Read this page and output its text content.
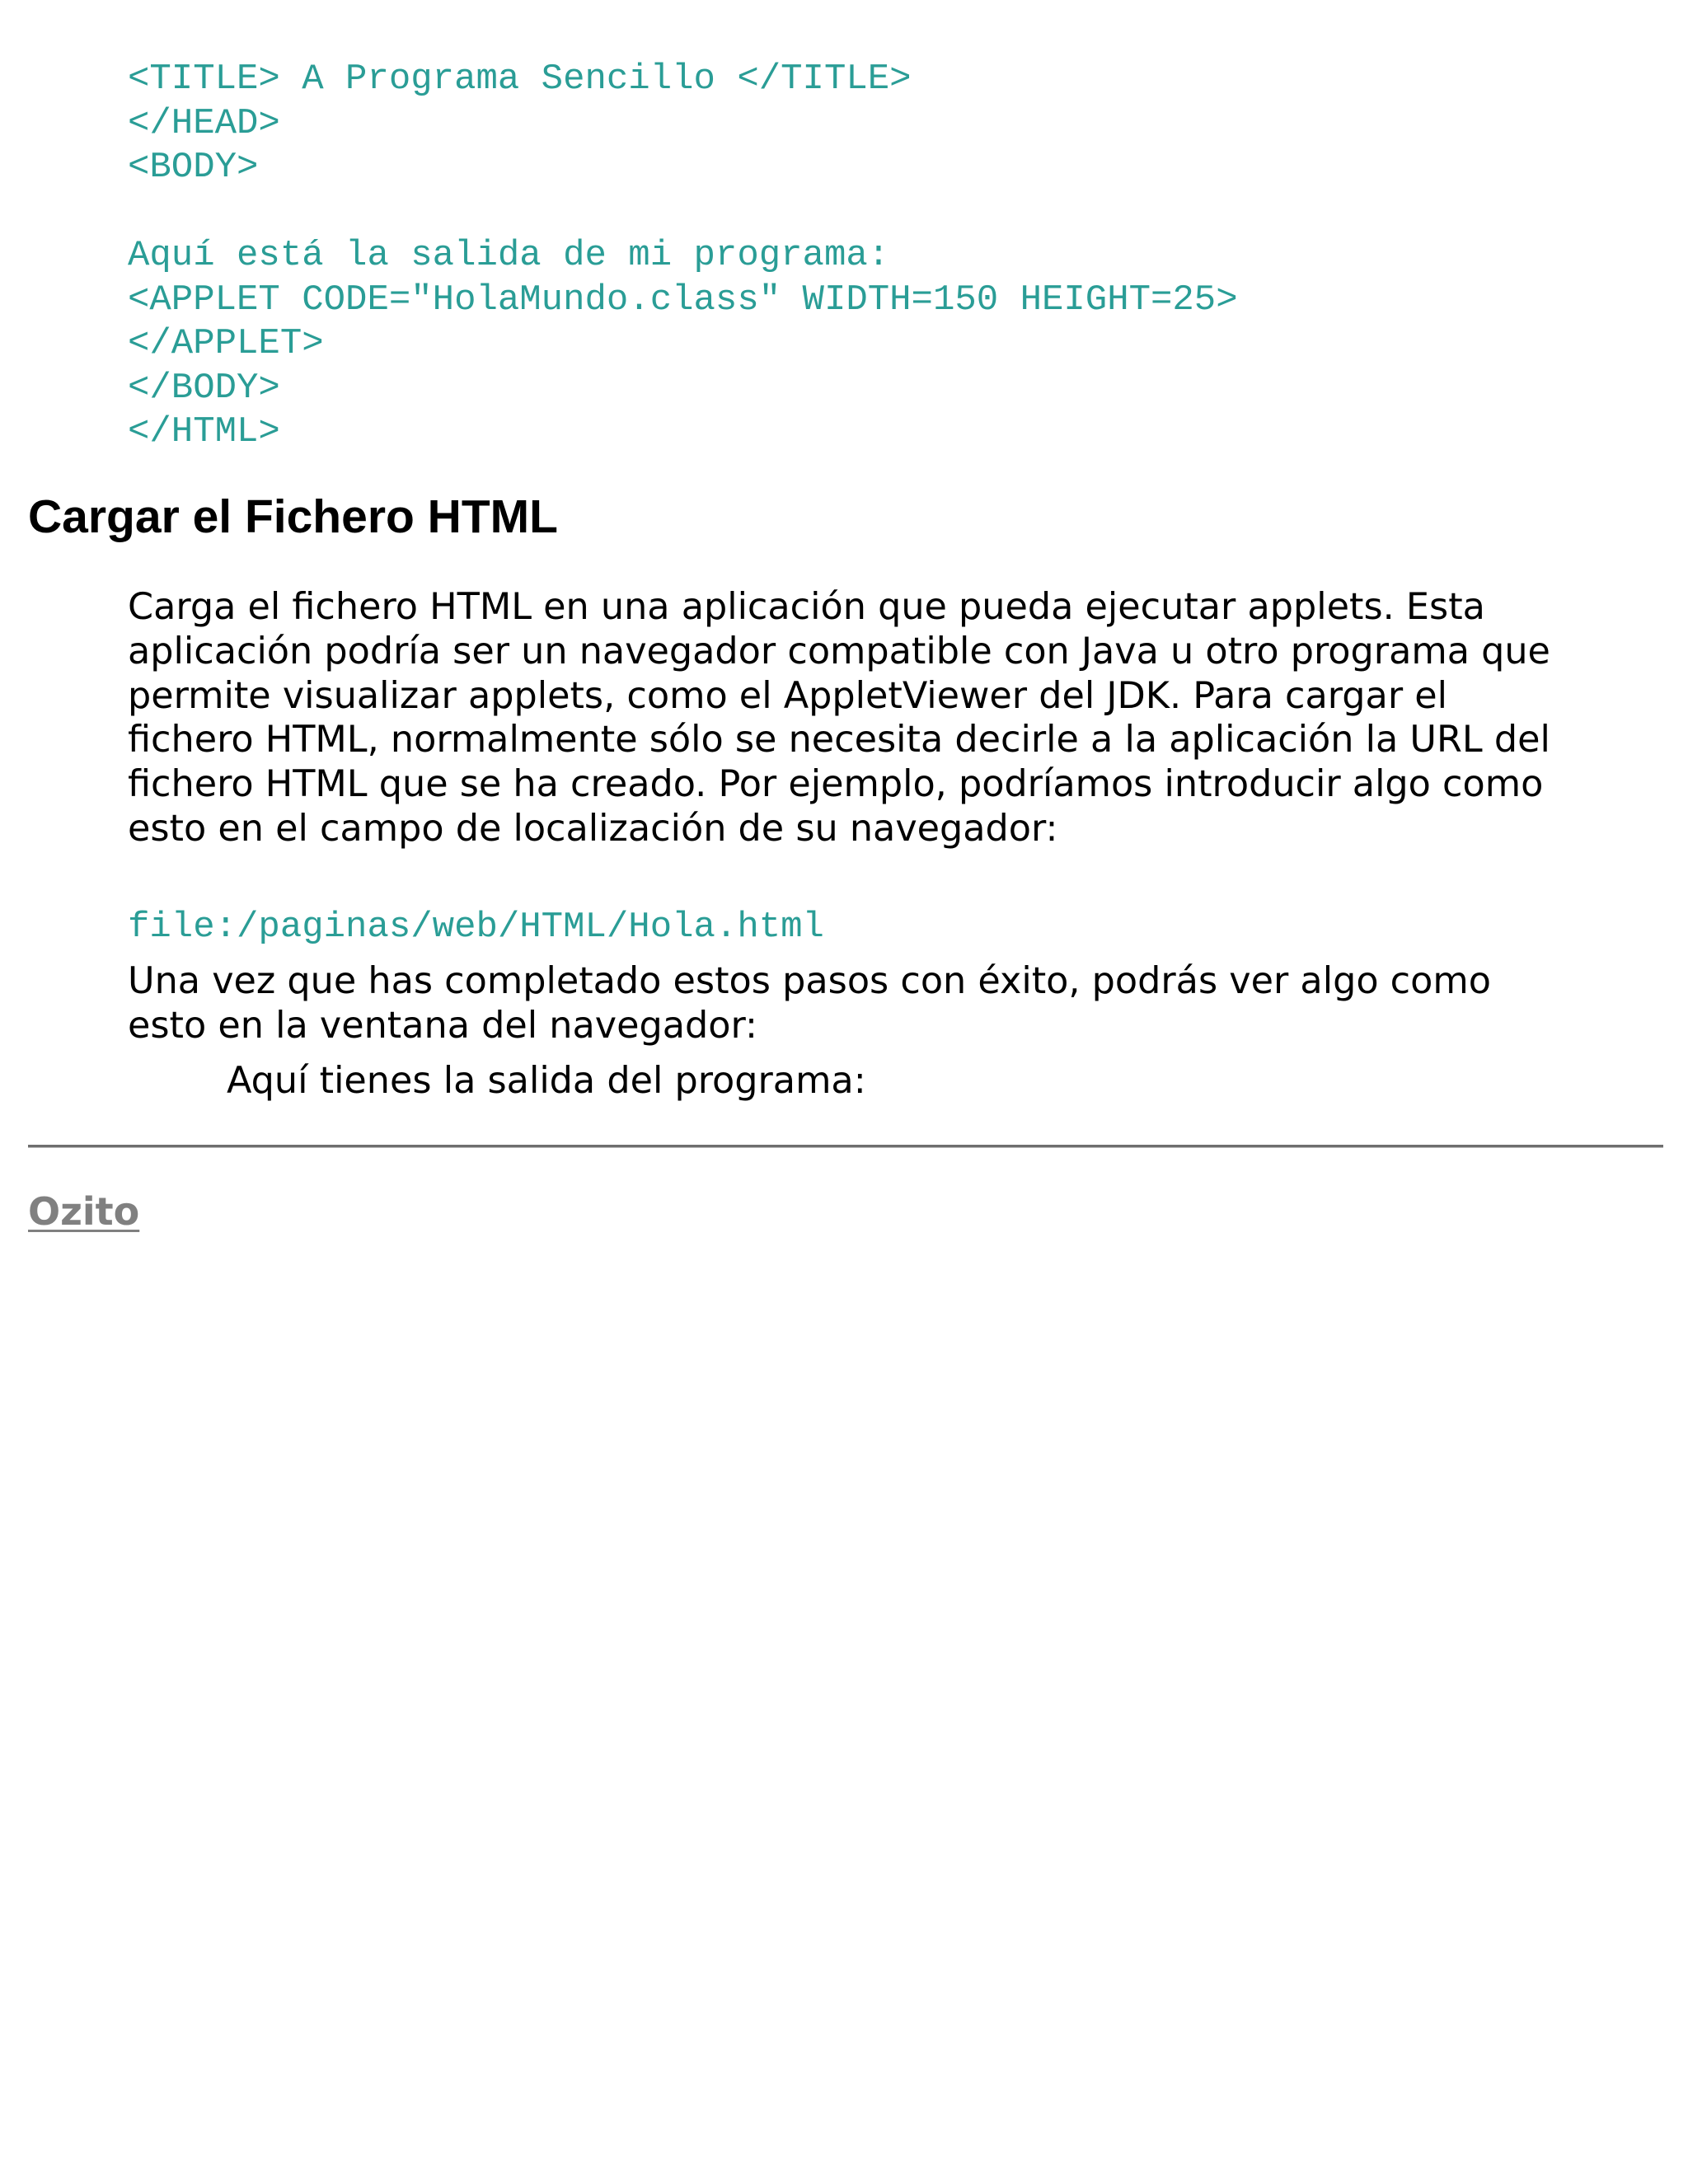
<TITLE> A Programa Sencillo </TITLE>
</HEAD>
<BODY>
Aquí está la salida de mi programa:
<APPLET CODE="HolaMundo.class" WIDTH=150 HEIGHT=25>
</APPLET>
</BODY>
</HTML>
Cargar el Fichero HTML

Carga el fichero HTML en una aplicación que pueda ejecutar applets. Esta aplicación podría ser un navegador compatible con Java u otro programa que permite visualizar applets, como el AppletViewer del JDK. Para cargar el fichero HTML, normalmente sólo se necesita decirle a la aplicación la URL del fichero HTML que se ha creado. Por ejemplo, podríamos introducir algo como esto en el campo de localización de su navegador:

file:/paginas/web/HTML/Hola.html

Una vez que has completado estos pasos con éxito, podrás ver algo como esto en la ventana del navegador:

Aquí tienes la salida del programa:

Ozito
